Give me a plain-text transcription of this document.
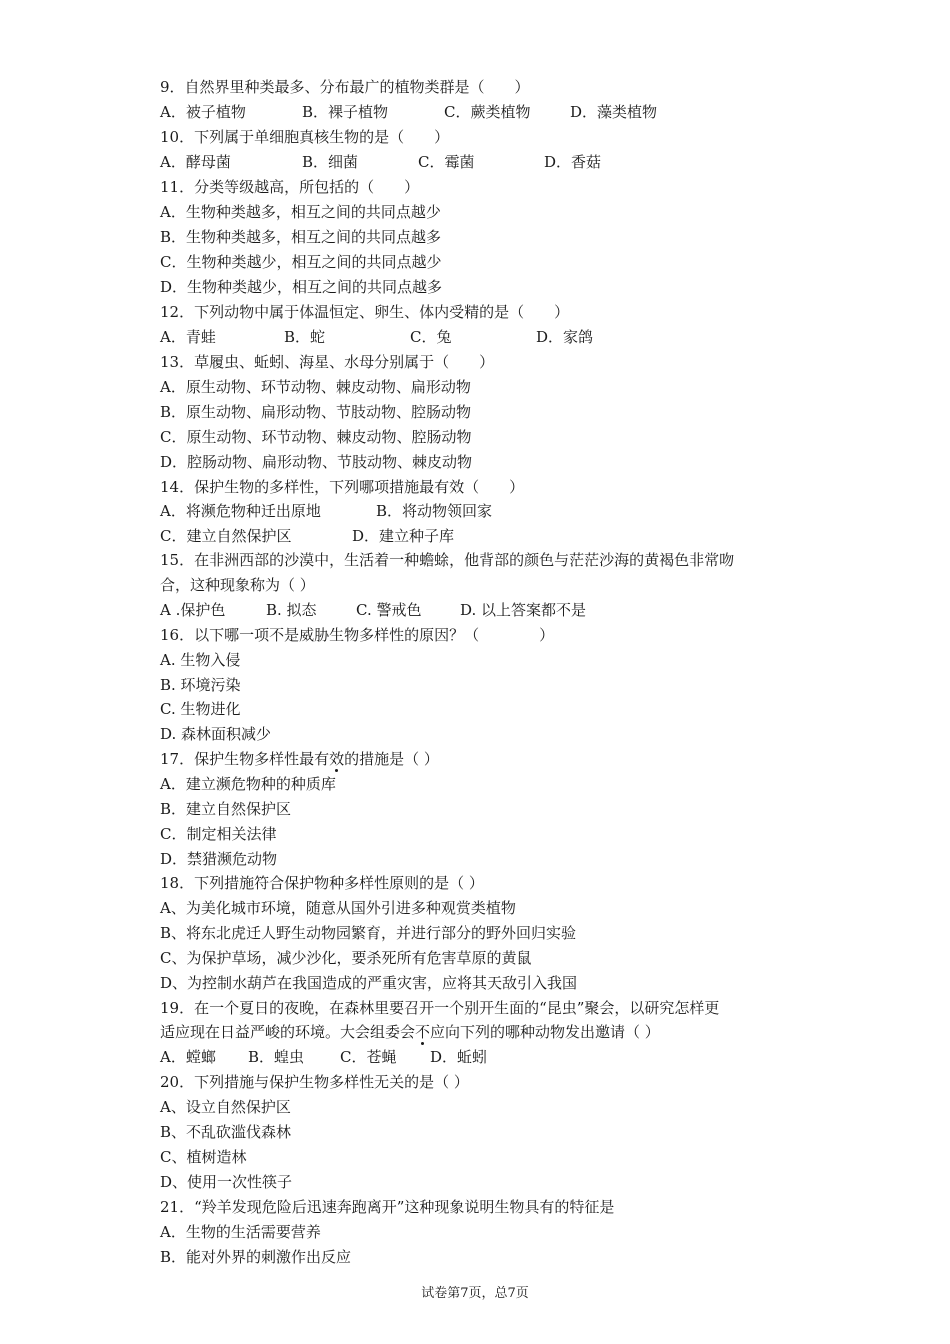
9．自然界里种类最多、分布最广的植物类群是（　　）

A．被子植物

	B．裸子植物

	C．蕨类植物

	D．藻类植物

10．下列属于单细胞真核生物的是（　　）

A．酵母菌

	B．细菌

	C．霉菌

	D．香菇

11．分类等级越高，所包括的（　　）
A．生物种类越多，相互之间的共同点越少
B．生物种类越多，相互之间的共同点越多
C．生物种类越少，相互之间的共同点越少
D．生物种类越少，相互之间的共同点越多
12．下列动物中属于体温恒定、卵生、体内受精的是（　　）

A．青蛙

	B．蛇

	C．兔

	D．家鸽

13．草履虫、蚯蚓、海星、水母分别属于（　　）
A．原生动物、环节动物、棘皮动物、扁形动物
B．原生动物、扁形动物、节肢动物、腔肠动物
C．原生动物、环节动物、棘皮动物、腔肠动物
D．腔肠动物、扁形动物、节肢动物、棘皮动物
14．保护生物的多样性，下列哪项措施最有效（　　）

A．将濒危物种迁出原地

	B．将动物领回家

C．建立自然保护区

	D．建立种子库

15．在非洲西部的沙漠中，生活着一种蟾蜍，他背部的颜色与茫茫沙海的黄褐色非常吻
合，这种现象称为（ ）

A .保护色

	B. 拟态

	C. 警戒色

	D. 以上答案都不是

16．以下哪一项不是威胁生物多样性的原因？（　　　　）
A. 生物入侵
B. 环境污染
C. 生物进化
D. 森林面积减少
17．保护生物多样性最有效的措施是（ ）
A．建立濒危物种的种质库
B．建立自然保护区
C．制定相关法律
D．禁猎濒危动物
18．下列措施符合保护物种多样性原则的是（ ）
A、为美化城市环境，随意从国外引进多种观赏类植物
B、将东北虎迁人野生动物园繁育，并进行部分的野外回归实验
C、为保护草场，减少沙化，要杀死所有危害草原的黄鼠
D、为控制水葫芦在我国造成的严重灾害，应将其天敌引入我国
19．在一个夏日的夜晚，在森林里要召开一个别开生面的“昆虫”聚会，以研究怎样更
适应现在日益严峻的环境。大会组委会不应向下列的哪种动物发出邀请（ ）

A．螳螂

B．蝗虫

C．苍蝇

D．蚯蚓

20．下列措施与保护生物多样性无关的是（ ）
A、设立自然保护区
B、不乱砍滥伐森林
C、植树造林
D、使用一次性筷子
21．“羚羊发现危险后迅速奔跑离开”这种现象说明生物具有的特征是
A．生物的生活需要营养
B．能对外界的刺激作出反应
试卷第7页，总7页
